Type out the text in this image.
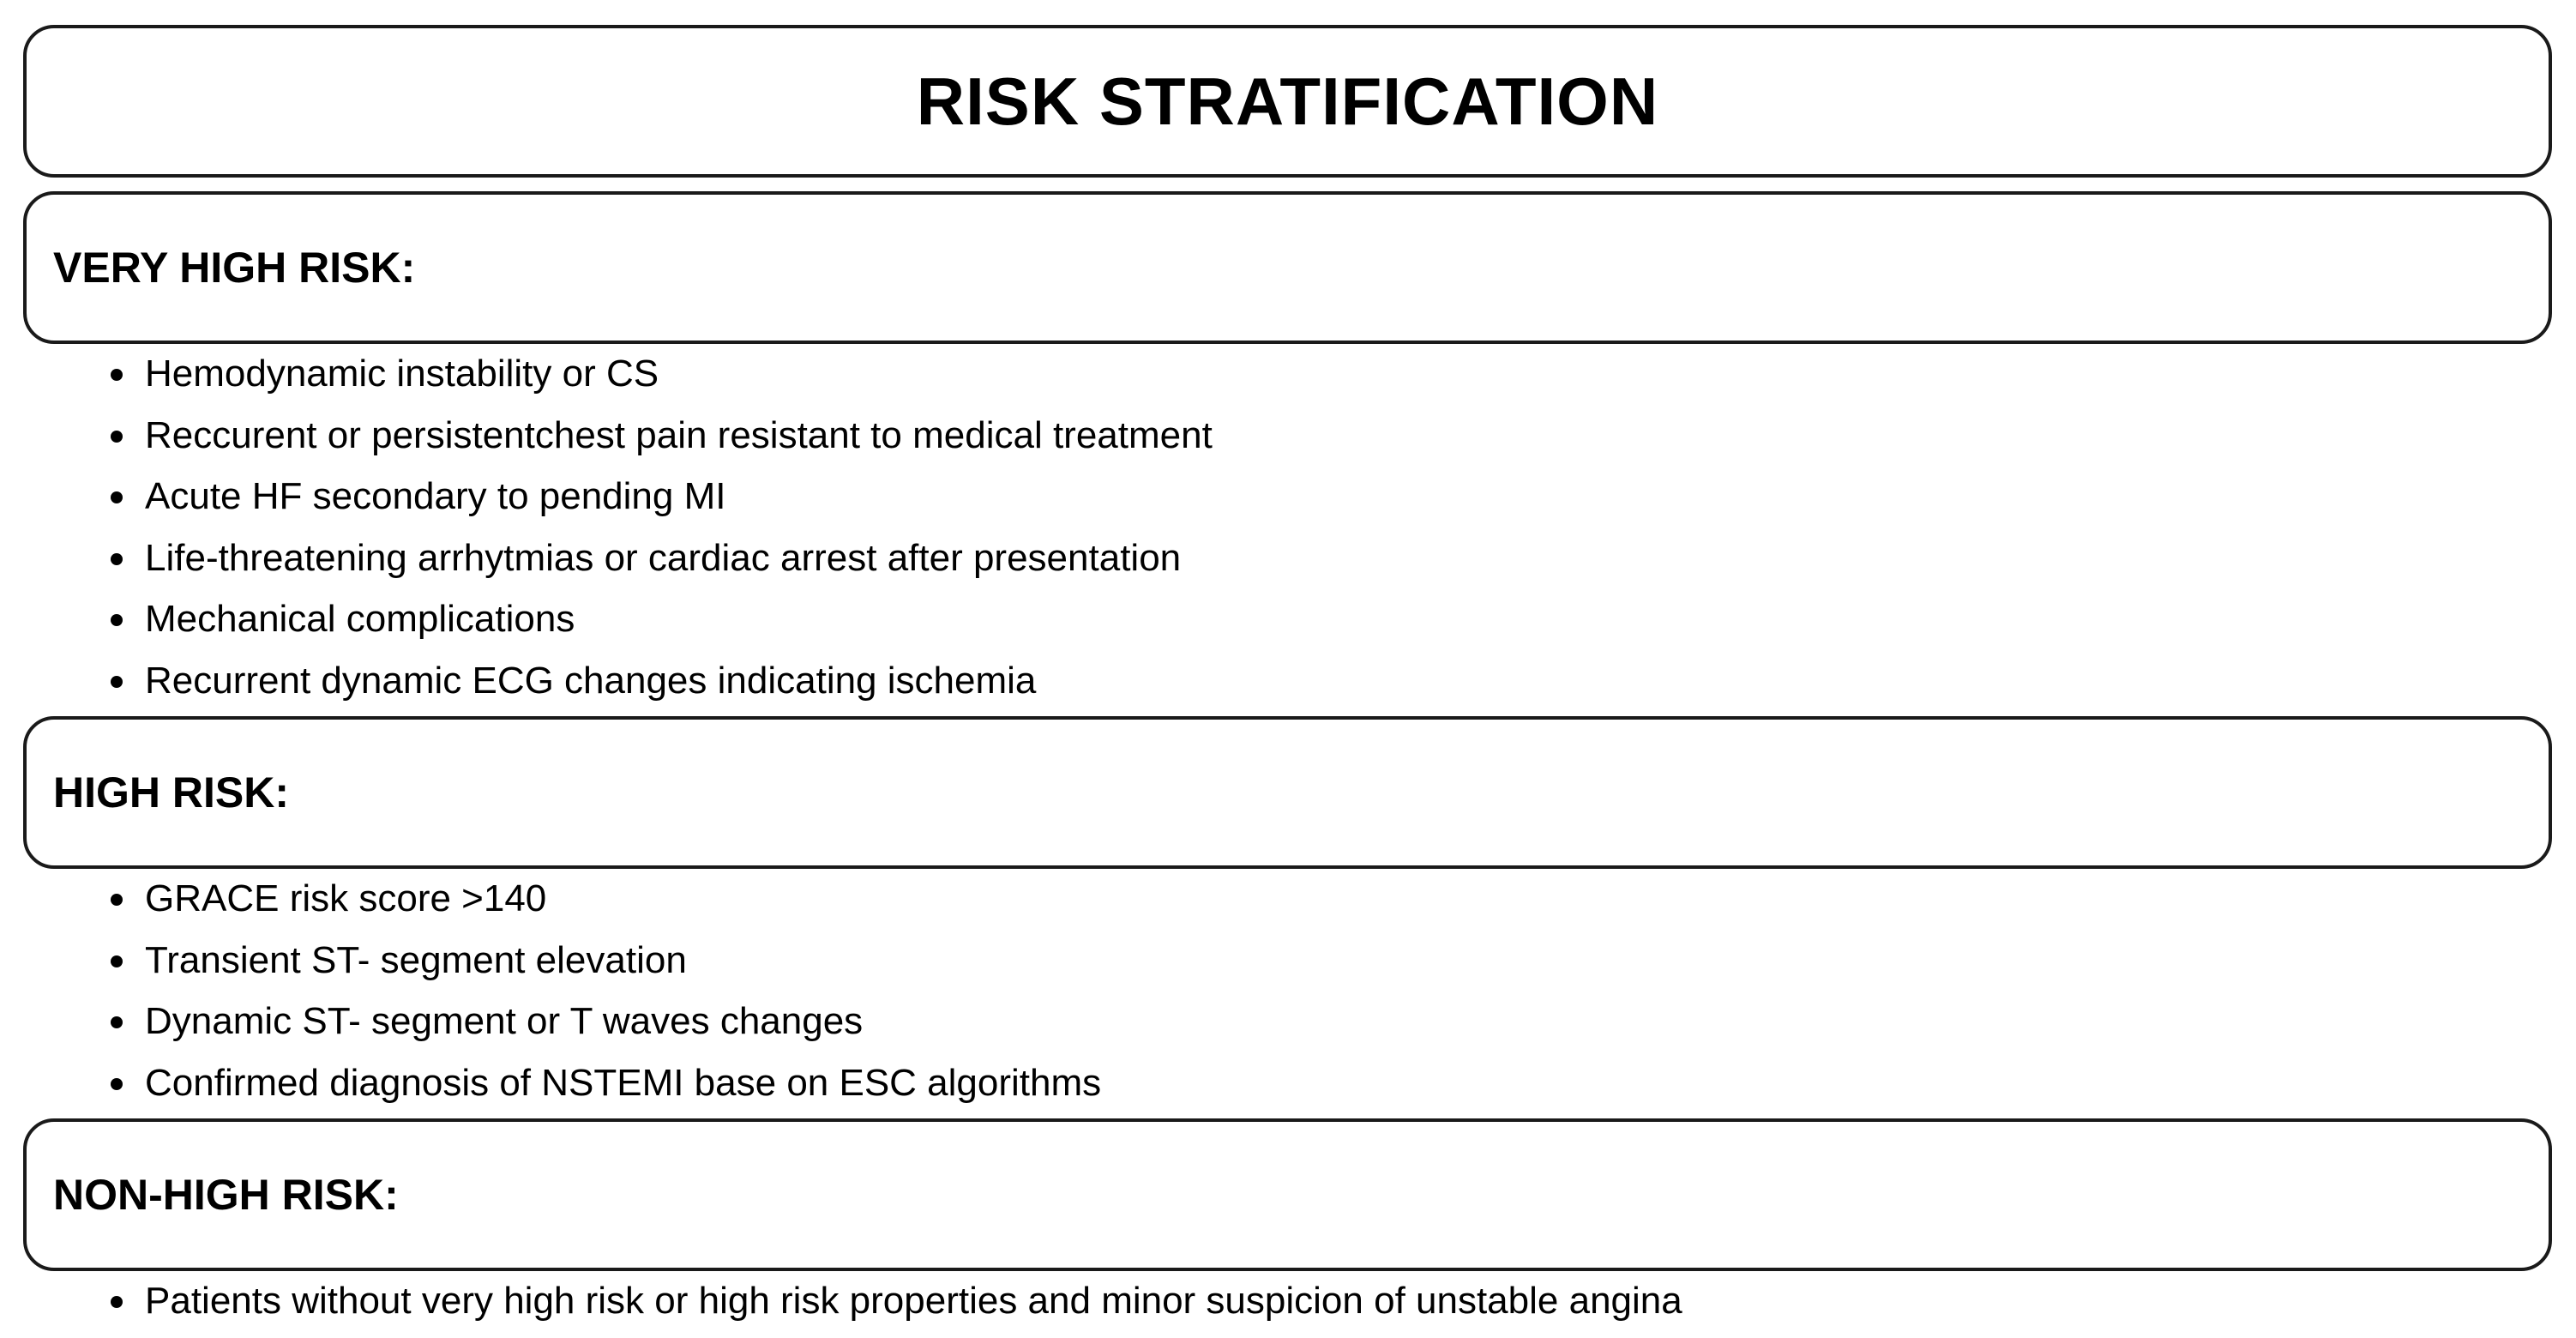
RISK STRATIFICATION
VERY HIGH RISK:
Hemodynamic instability or CS
Reccurent or persistentchest pain resistant to medical treatment
Acute HF secondary to pending MI
Life-threatening arrhytmias or cardiac arrest after presentation
Mechanical complications
Recurrent dynamic ECG changes indicating ischemia
HIGH RISK:
GRACE risk score >140
Transient ST- segment elevation
Dynamic ST- segment or T waves changes
Confirmed diagnosis of NSTEMI base on ESC algorithms
NON-HIGH RISK:
Patients without very high risk or high risk properties and minor suspicion of unstable angina
